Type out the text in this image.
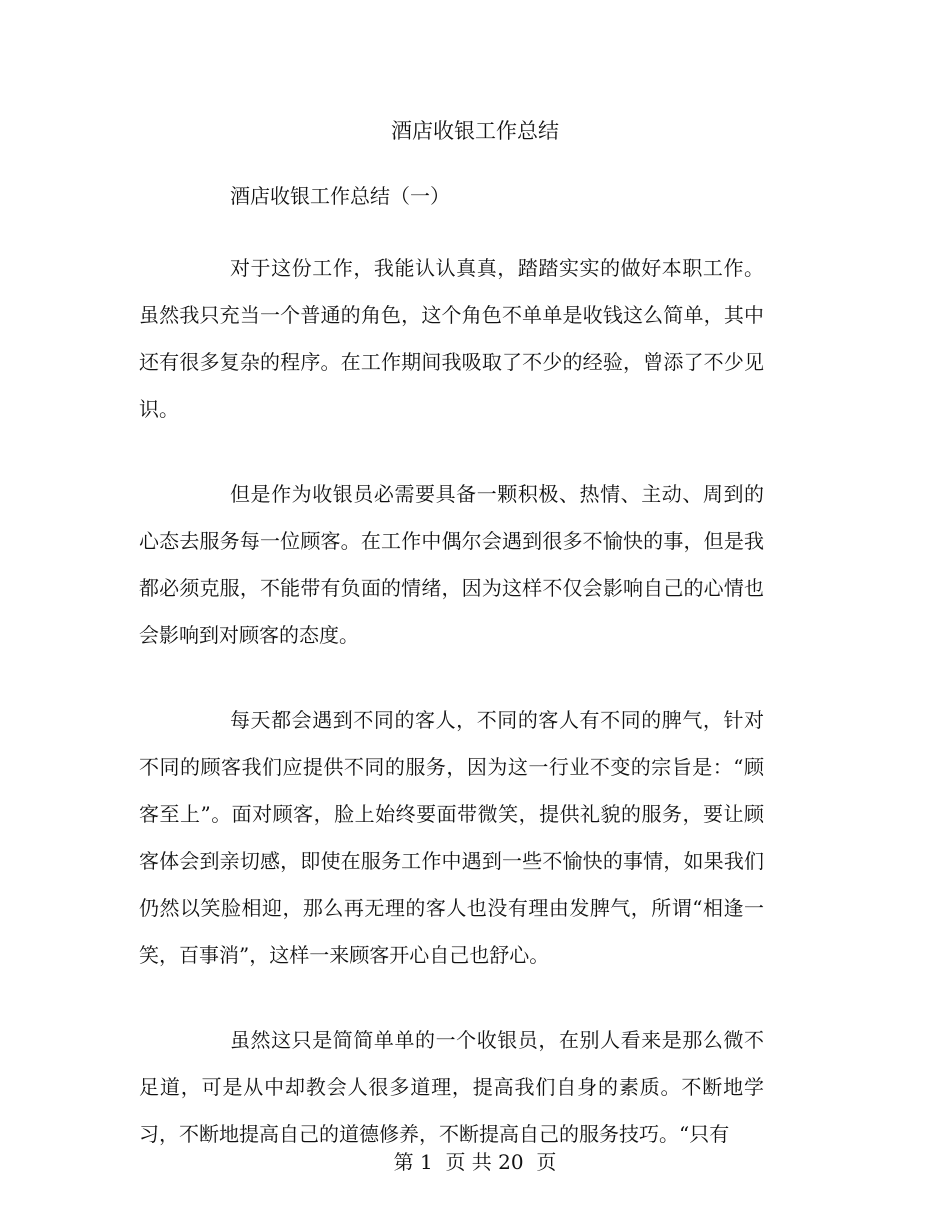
酒店收银工作总结
酒店收银工作总结（一）

对于这份工作，我能认认真真，踏踏实实的做好本职工作。虽然我只充当一个普通的角色，这个角色不单单是收钱这么简单，其中还有很多复杂的程序。在工作期间我吸取了不少的经验，曾添了不少见识。

但是作为收银员必需要具备一颗积极、热情、主动、周到的心态去服务每一位顾客。在工作中偶尔会遇到很多不愉快的事，但是我都必须克服，不能带有负面的情绪，因为这样不仅会影响自己的心情也会影响到对顾客的态度。

每天都会遇到不同的客人，不同的客人有不同的脾气，针对不同的顾客我们应提供不同的服务，因为这一行业不变的宗旨是：“顾客至上”。面对顾客，脸上始终要面带微笑，提供礼貌的服务，要让顾客体会到亲切感，即使在服务工作中遇到一些不愉快的事情，如果我们仍然以笑脸相迎，那么再无理的客人也没有理由发脾气，所谓“相逢一笑，百事消”，这样一来顾客开心自己也舒心。

虽然这只是简简单单的一个收银员，在别人看来是那么微不足道，可是从中却教会人很多道理，提高我们自身的素质。不断地学习，不断地提高自己的道德修养，不断提高自己的服务技巧。“只有

第 1  页 共 20  页
